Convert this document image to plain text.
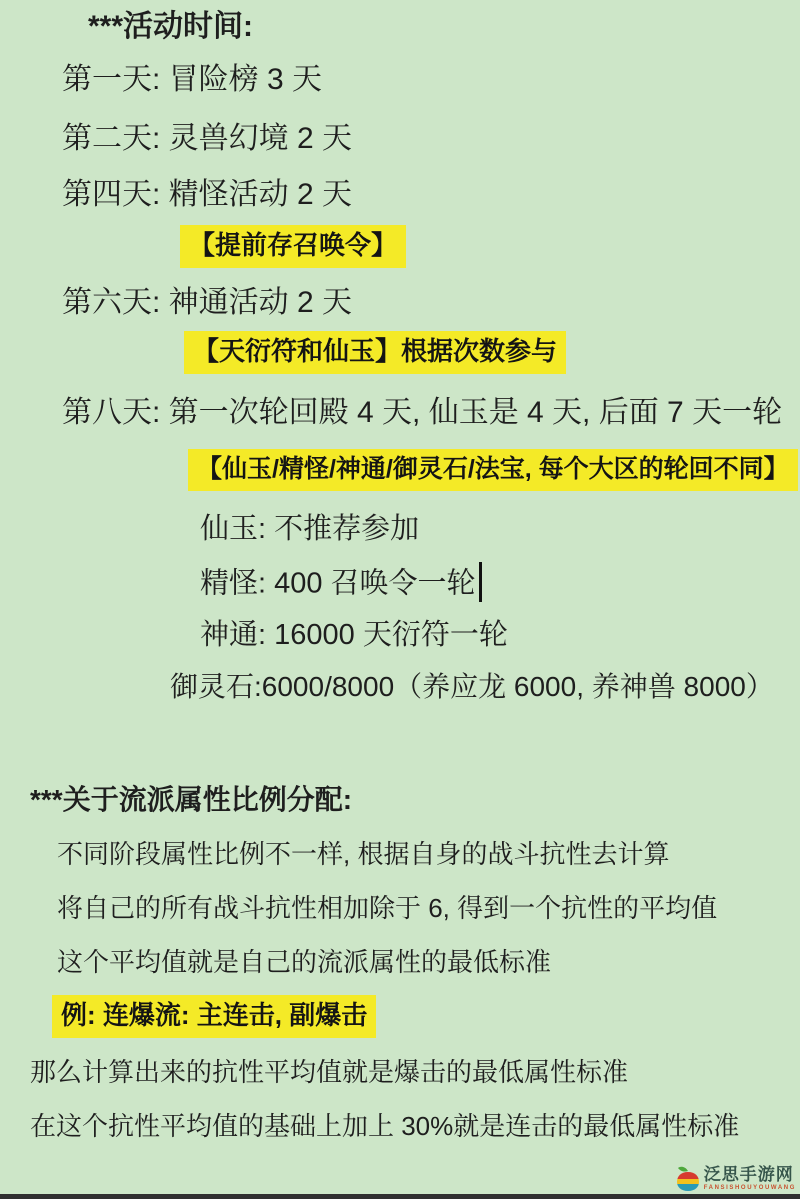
***活动时间:
第一天: 冒险榜 3 天
第二天: 灵兽幻境 2 天
第四天: 精怪活动 2 天
【提前存召唤令】
第六天: 神通活动 2 天
【天衍符和仙玉】根据次数参与
第八天: 第一次轮回殿 4 天, 仙玉是 4 天, 后面 7 天一轮
【仙玉/精怪/神通/御灵石/法宝, 每个大区的轮回不同】
仙玉: 不推荐参加
精怪: 400 召唤令一轮
神通: 16000 天衍符一轮
御灵石:6000/8000（养应龙 6000, 养神兽 8000）
***关于流派属性比例分配:
不同阶段属性比例不一样, 根据自身的战斗抗性去计算
将自己的所有战斗抗性相加除于 6, 得到一个抗性的平均值
这个平均值就是自己的流派属性的最低标准
例: 连爆流: 主连击, 副爆击
那么计算出来的抗性平均值就是爆击的最低属性标准
在这个抗性平均值的基础上加上 30%就是连击的最低属性标准
泛思手游网
FANSISHOUYOUWANG
